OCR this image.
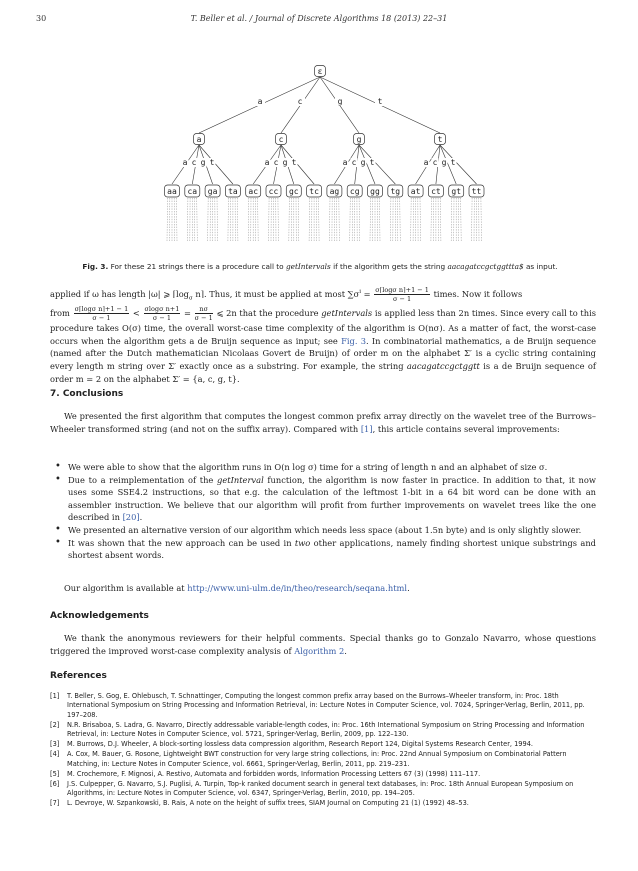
30	T. Beller et al. / Journal of Discrete Algorithms 18 (2013) 22–31
ε
a
a
c
c
g
g
t
t
a c g t
aa ca ga ta
a c g t
ac cc gc tc
a c g t
ag cg gg tg
a c g t
at ct gt tt
Fig. 3. For these 21 strings there is a procedure call to getIntervals if the algorithm gets the string aacagatccgctggttta$ as input.
applied if ω has length |ω| ⩾ $⌈\log_\sigma$ n⌉. Thus, it must be applied at most $\sum\sigma^i = \frac{\text{σ⌈logσ n⌉+1 − 1}}{\sigma - 1}$ times. Now it follows
from $\frac{\text{σ⌈logσ n⌉+1 − 1}}{\sigma - 1} < \frac{\text{σlogσ n+1}}{\sigma - 1} = \frac{n\sigma}{\sigma - 1}$ ⩽ 2n that the procedure getIntervals is applied less than 2n times. Since every call to this procedure takes O(σ) time, the overall worst-case time complexity of the algorithm is O(nσ). As a matter of fact, the worst-case occurs when the algorithm gets a de Bruijn sequence as input; see Fig. 3. In combinatorial mathematics, a de Bruijn sequence (named after the Dutch mathematician Nicolaas Govert de Bruijn) of order m on the alphabet Σ′ is a cyclic string containing every length m string over Σ′ exactly once as a substring. For example, the string aacagatccgctggtt is a de Bruijn sequence of order m = 2 on the alphabet Σ′ = {a, c, g, t}.
7. Conclusions
We presented the first algorithm that computes the longest common prefix array directly on the wavelet tree of the Burrows–Wheeler transformed string (and not on the suffix array). Compared with [1], this article contains several improvements:
• We were able to show that the algorithm runs in O(n log σ) time for a string of length n and an alphabet of size σ.
• Due to a reimplementation of the getInterval function, the algorithm is now faster in practice. In addition to that, it now uses some SSE4.2 instructions, so that e.g. the calculation of the leftmost 1-bit in a 64 bit word can be done with an assembler instruction. We believe that our algorithm will profit from further improvements on wavelet trees like the one described in [20].
• We presented an alternative version of our algorithm which needs less space (about 1.5n byte) and is only slightly slower.
• It was shown that the new approach can be used in two other applications, namely finding shortest unique substrings and shortest absent words.
Our algorithm is available at http://www.uni-ulm.de/in/theo/research/seqana.html.
Acknowledgements
We thank the anonymous reviewers for their helpful comments. Special thanks go to Gonzalo Navarro, whose questions triggered the improved worst-case complexity analysis of Algorithm 2.
References
[1] T. Beller, S. Gog, E. Ohlebusch, T. Schnattinger, Computing the longest common prefix array based on the Burrows–Wheeler transform, in: Proc. 18th International Symposium on String Processing and Information Retrieval, in: Lecture Notes in Computer Science, vol. 7024, Springer-Verlag, Berlin, 2011, pp. 197–208.
[2] N.R. Brisaboa, S. Ladra, G. Navarro, Directly addressable variable-length codes, in: Proc. 16th International Symposium on String Processing and Information Retrieval, in: Lecture Notes in Computer Science, vol. 5721, Springer-Verlag, Berlin, 2009, pp. 122–130.
[3] M. Burrows, D.J. Wheeler, A block-sorting lossless data compression algorithm, Research Report 124, Digital Systems Research Center, 1994.
[4] A. Cox, M. Bauer, G. Rosone, Lightweight BWT construction for very large string collections, in: Proc. 22nd Annual Symposium on Combinatorial Pattern Matching, in: Lecture Notes in Computer Science, vol. 6661, Springer-Verlag, Berlin, 2011, pp. 219–231.
[5] M. Crochemore, F. Mignosi, A. Restivo, Automata and forbidden words, Information Processing Letters 67 (3) (1998) 111–117.
[6] J.S. Culpepper, G. Navarro, S.J. Puglisi, A. Turpin, Top-k ranked document search in general text databases, in: Proc. 18th Annual European Symposium on Algorithms, in: Lecture Notes in Computer Science, vol. 6347, Springer-Verlag, Berlin, 2010, pp. 194–205.
[7] L. Devroye, W. Szpankowski, B. Rais, A note on the height of suffix trees, SIAM Journal on Computing 21 (1) (1992) 48–53.
